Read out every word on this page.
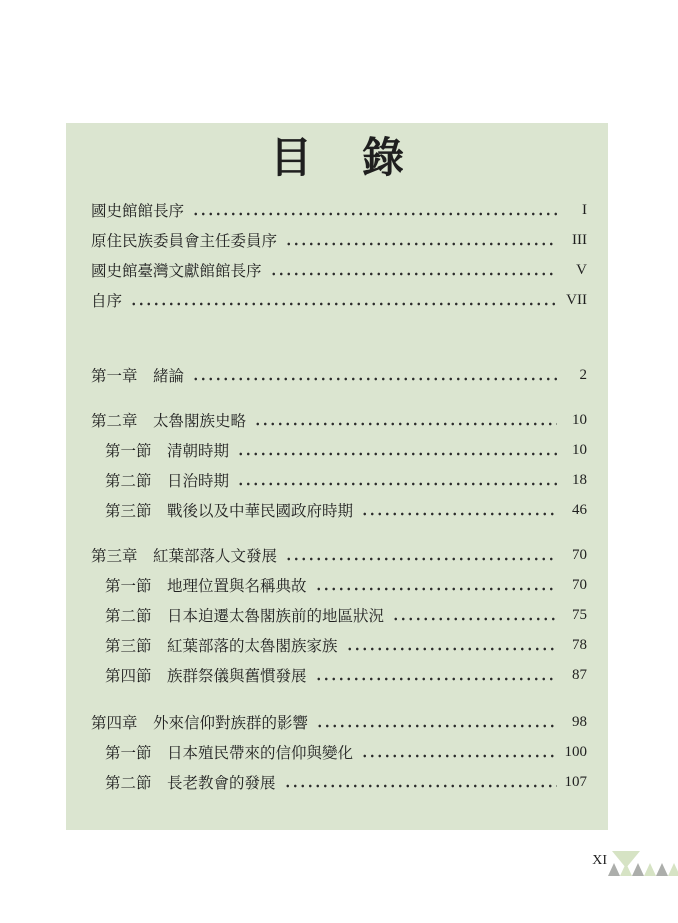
目　錄
國史館館長序	I
原住民族委員會主任委員序	III
國史館臺灣文獻館館長序	V
自序	VII
第一章　緒論	2
第二章　太魯閣族史略	10
第一節　清朝時期	10
第二節　日治時期	18
第三節　戰後以及中華民國政府時期	46
第三章　紅葉部落人文發展	70
第一節　地理位置與名稱典故	70
第二節　日本迫遷太魯閣族前的地區狀況	75
第三節　紅葉部落的太魯閣族家族	78
第四節　族群祭儀與舊慣發展	87
第四章　外來信仰對族群的影響	98
第一節　日本殖民帶來的信仰與變化	100
第二節　長老教會的發展	107
XI
